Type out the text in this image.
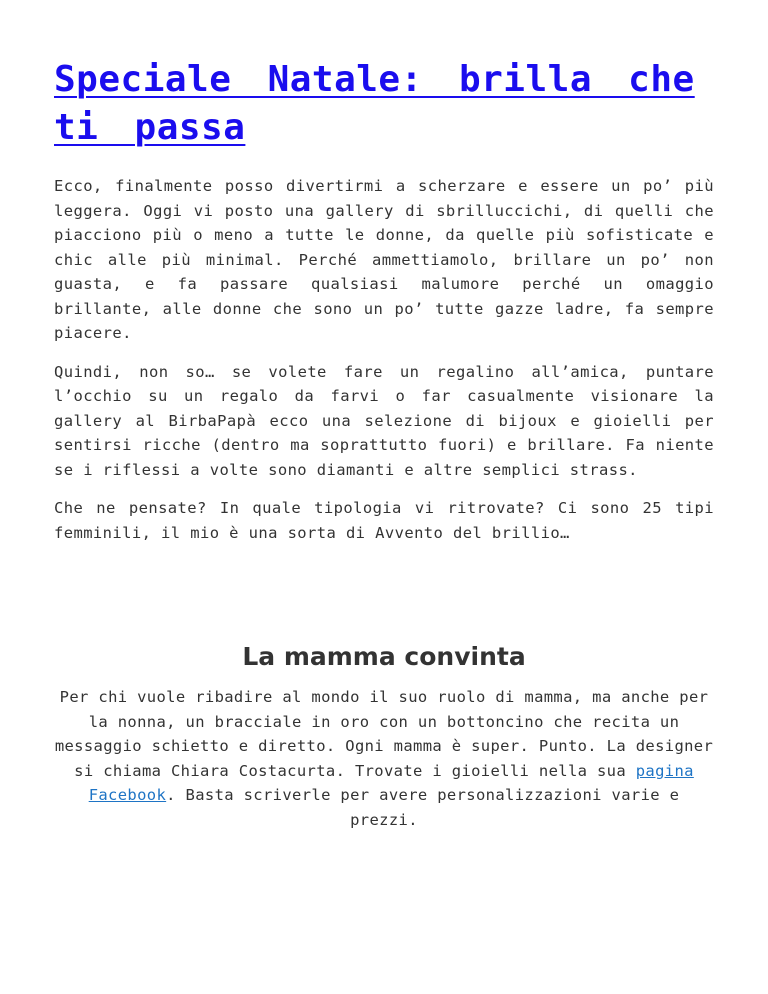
Speciale Natale: brilla che ti passa

Ecco, finalmente posso divertirmi a scherzare e essere un po’ più leggera. Oggi vi posto una gallery di sbrilluccichi, di quelli che piacciono più o meno a tutte le donne, da quelle più sofisticate e chic alle più minimal. Perché ammettiamolo, brillare un po’ non guasta, e fa passare qualsiasi malumore perché un omaggio brillante, alle donne che sono un po’ tutte gazze ladre, fa sempre piacere.

Quindi, non so… se volete fare un regalino all’amica, puntare l’occhio su un regalo da farvi o far casualmente visionare la gallery al BirbaPapà ecco una selezione di bijoux e gioielli per sentirsi ricche (dentro ma soprattutto fuori) e brillare. Fa niente se i riflessi a volte sono diamanti e altre semplici strass.

Che ne pensate? In quale tipologia vi ritrovate? Ci sono 25 tipi femminili, il mio è una sorta di Avvento del brillio…

La mamma convinta

Per chi vuole ribadire al mondo il suo ruolo di mamma, ma anche per la nonna, un bracciale in oro con un bottoncino che recita un messaggio schietto e diretto. Ogni mamma è super. Punto. La designer si chiama Chiara Costacurta. Trovate i gioielli nella sua pagina Facebook. Basta scriverle per avere personalizzazioni varie e prezzi.
